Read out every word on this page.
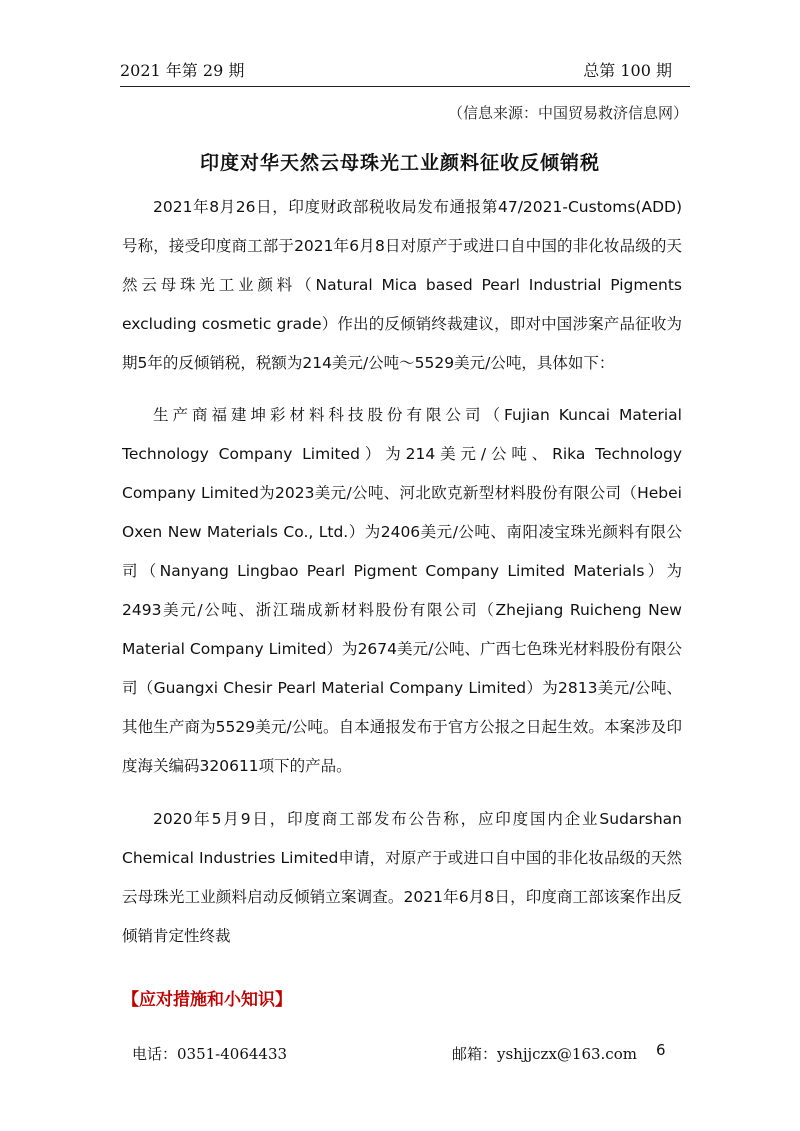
2021 年第 29 期	总第 100 期
（信息来源：中国贸易救济信息网）
印度对华天然云母珠光工业颜料征收反倾销税

2021年8月26日，印度财政部税收局发布通报第47/2021-Customs(ADD)号称，接受印度商工部于2021年6月8日对原产于或进口自中国的非化妆品级的天然云母珠光工业颜料（Natural Mica based Pearl Industrial Pigments excluding cosmetic grade）作出的反倾销终裁建议，即对中国涉案产品征收为期5年的反倾销税，税额为214美元/公吨～5529美元/公吨，具体如下：

生产商福建坤彩材料科技股份有限公司（Fujian Kuncai Material Technology Company Limited）为214美元/公吨、Rika Technology Company Limited为2023美元/公吨、河北欧克新型材料股份有限公司（Hebei Oxen New Materials Co., Ltd.）为2406美元/公吨、南阳凌宝珠光颜料有限公司（Nanyang Lingbao Pearl Pigment Company Limited Materials）为2493美元/公吨、浙江瑞成新材料股份有限公司（Zhejiang Ruicheng New Material Company Limited）为2674美元/公吨、广西七色珠光材料股份有限公司（Guangxi Chesir Pearl Material Company Limited）为2813美元/公吨、其他生产商为5529美元/公吨。自本通报发布于官方公报之日起生效。本案涉及印度海关编码320611项下的产品。

2020年5月9日，印度商工部发布公告称，应印度国内企业Sudarshan Chemical Industries Limited申请，对原产于或进口自中国的非化妆品级的天然云母珠光工业颜料启动反倾销立案调查。2021年6月8日，印度商工部该案作出反倾销肯定性终裁

【应对措施和小知识】
电话：0351-4064433	邮箱：yshjjczx@163.com 6
